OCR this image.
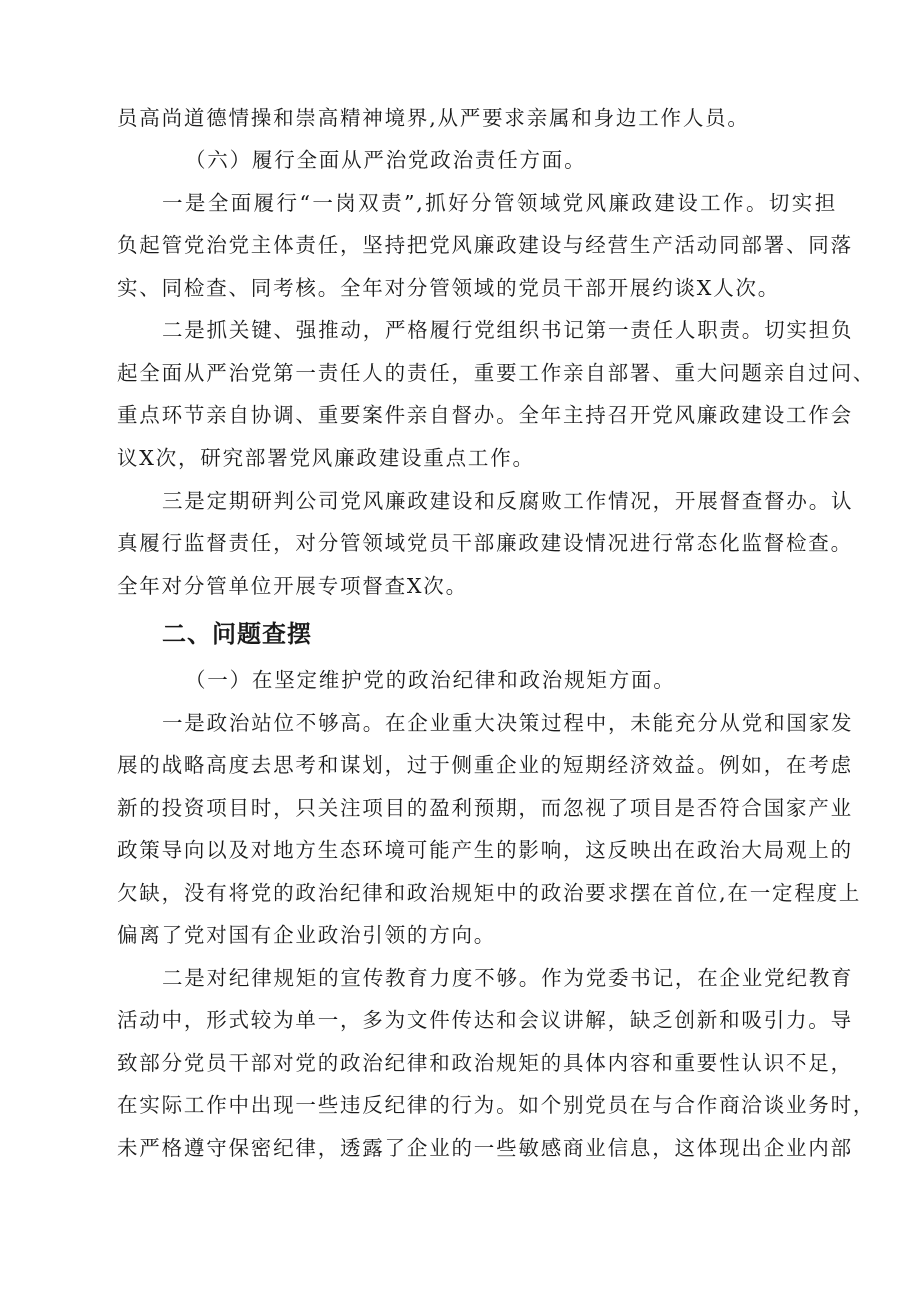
员高尚道德情操和崇高精神境界,从严要求亲属和身边工作人员。
（六）履行全面从严治党政治责任方面。
一是全面履行“一岗双责”,抓好分管领域党风廉政建设工作。切实担
负起管党治党主体责任，坚持把党风廉政建设与经营生产活动同部署、同落
实、同检查、同考核。全年对分管领域的党员干部开展约谈X人次。
二是抓关键、强推动，严格履行党组织书记第一责任人职责。切实担负
起全面从严治党第一责任人的责任，重要工作亲自部署、重大问题亲自过问、
重点环节亲自协调、重要案件亲自督办。全年主持召开党风廉政建设工作会
议X次，研究部署党风廉政建设重点工作。
三是定期研判公司党风廉政建设和反腐败工作情况，开展督查督办。认
真履行监督责任，对分管领域党员干部廉政建设情况进行常态化监督检查。
全年对分管单位开展专项督查X次。
二、问题查摆
（一）在坚定维护党的政治纪律和政治规矩方面。
一是政治站位不够高。在企业重大决策过程中，未能充分从党和国家发
展的战略高度去思考和谋划，过于侧重企业的短期经济效益。例如，在考虑
新的投资项目时，只关注项目的盈利预期，而忽视了项目是否符合国家产业
政策导向以及对地方生态环境可能产生的影响，这反映出在政治大局观上的
欠缺，没有将党的政治纪律和政治规矩中的政治要求摆在首位,在一定程度上
偏离了党对国有企业政治引领的方向。
二是对纪律规矩的宣传教育力度不够。作为党委书记，在企业党纪教育
活动中，形式较为单一，多为文件传达和会议讲解，缺乏创新和吸引力。导
致部分党员干部对党的政治纪律和政治规矩的具体内容和重要性认识不足，
在实际工作中出现一些违反纪律的行为。如个别党员在与合作商洽谈业务时，
未严格遵守保密纪律，透露了企业的一些敏感商业信息，这体现出企业内部
